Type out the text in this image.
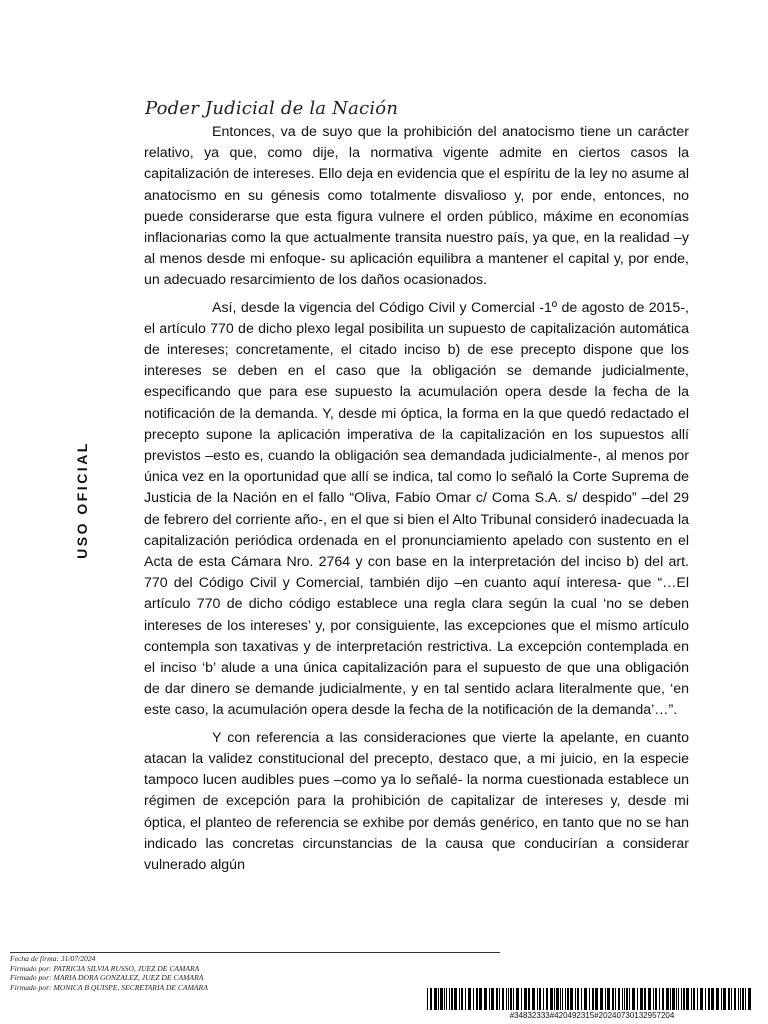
Poder Judicial de la Nación
USO OFICIAL

Entonces, va de suyo que la prohibición del anatocismo tiene un carácter relativo, ya que, como dije, la normativa vigente admite en ciertos casos la capitalización de intereses. Ello deja en evidencia que el espíritu de la ley no asume al anatocismo en su génesis como totalmente disvalioso y, por ende, entonces, no puede considerarse que esta figura vulnere el orden público, máxime en economías inflacionarias como la que actualmente transita nuestro país, ya que, en la realidad –y al menos desde mi enfoque- su aplicación equilibra a mantener el capital y, por ende, un adecuado resarcimiento de los daños ocasionados.

Así, desde la vigencia del Código Civil y Comercial -1º de agosto de 2015-, el artículo 770 de dicho plexo legal posibilita un supuesto de capitalización automática de intereses; concretamente, el citado inciso b) de ese precepto dispone que los intereses se deben en el caso que la obligación se demande judicialmente, especificando que para ese supuesto la acumulación opera desde la fecha de la notificación de la demanda. Y, desde mi óptica, la forma en la que quedó redactado el precepto supone la aplicación imperativa de la capitalización en los supuestos allí previstos –esto es, cuando la obligación sea demandada judicialmente-, al menos por única vez en la oportunidad que allí se indica, tal como lo señaló la Corte Suprema de Justicia de la Nación en el fallo “Oliva, Fabio Omar c/ Coma S.A. s/ despido” –del 29 de febrero del corriente año-, en el que si bien el Alto Tribunal consideró inadecuada la capitalización periódica ordenada en el pronunciamiento apelado con sustento en el Acta de esta Cámara Nro. 2764 y con base en la interpretación del inciso b) del art. 770 del Código Civil y Comercial, también dijo –en cuanto aquí interesa- que “…El artículo 770 de dicho código establece una regla clara según la cual ‘no se deben intereses de los intereses’ y, por consiguiente, las excepciones que el mismo artículo contempla son taxativas y de interpretación restrictiva. La excepción contemplada en el inciso ‘b’ alude a una única capitalización para el supuesto de que una obligación de dar dinero se demande judicialmente, y en tal sentido aclara literalmente que, ‘en este caso, la acumulación opera desde la fecha de la notificación de la demanda’…”.

Y con referencia a las consideraciones que vierte la apelante, en cuanto atacan la validez constitucional del precepto, destaco que, a mi juicio, en la especie tampoco lucen audibles pues –como ya lo señalé- la norma cuestionada establece un régimen de excepción para la prohibición de capitalizar de intereses y, desde mi óptica, el planteo de referencia se exhibe por demás genérico, en tanto que no se han indicado las concretas circunstancias de la causa que conducirían a considerar vulnerado algún

Fecha de firma: 31/07/2024
Firmado por: PATRICIA SILVIA RUSSO, JUEZ DE CAMARA
Firmado por: MARIA DORA GONZALEZ, JUEZ DE CAMARA
Firmado por: MONICA B QUISPE, SECRETARIA DE CAMARA
#34832333#420492315#20240730132957204
